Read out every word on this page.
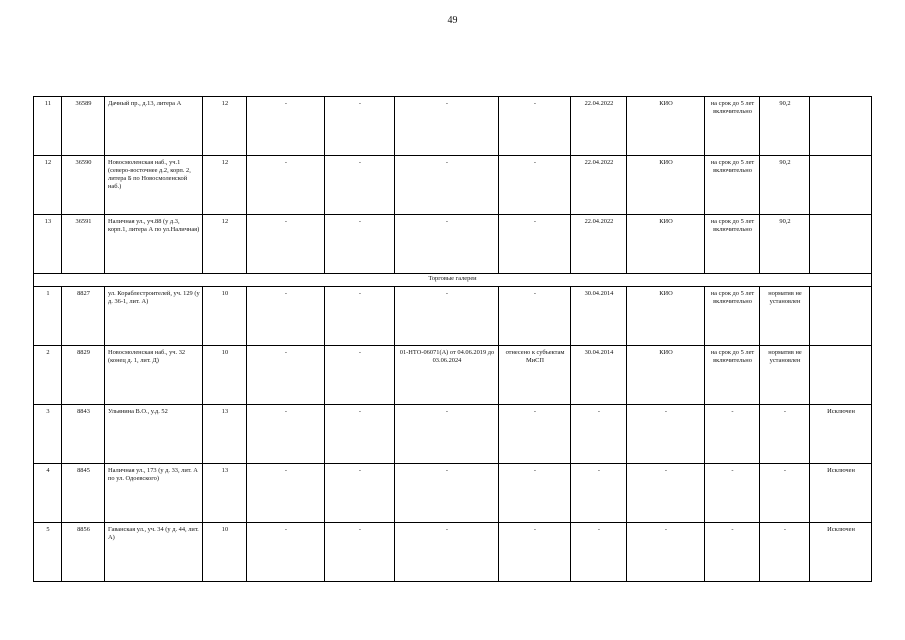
49
11	36589	Дачный пр., д.13, литера А	12	-	-	-	-	22.04.2022	КИО	на срок до 5 лет включительно	90,2	
12	36590	Новосмоленская наб., уч.1 (северо-восточнее д.2, корп. 2, литера Б по Новосмоленской наб.)	12	-	-	-	-	22.04.2022	КИО	на срок до 5 лет включительно	90,2	
13	36591	Наличная ул., уч.88 (у д.3, корп.1, литера А по ул.Наличная)	12	-	-	-	-	22.04.2022	КИО	на срок до 5 лет включительно	90,2	
Торговые галереи												
1	8827	ул. Кораблестроителей, уч. 129 (у д. 36-1, лит. А)	10	-	-	-	-	30.04.2014	КИО	на срок до 5 лет включительно	норматив не установлен	
2	8829	Новосмоленская наб., уч. 32 (конец д. 1, лит. Д)	10	-	-	01-НТО-06071(А) от 04.06.2019 до 03.06.2024	отнесено к субъектам МиСП	30.04.2014	КИО	на срок до 5 лет включительно	норматив не установлен	
3	8843	Ульянина В.О., у.д. 52	13	-	-	-	-	-	-	-	-	Исключен
4	8845	Наличная ул., 173 (у д. 33, лит. А по ул. Одоевского)	13	-	-	-	-	-	-	-	-	Исключен
5	8856	Гаванская ул., уч. 34 (у д. 44, лит. А)	10	-	-	-	-	-	-	-	-	Исключен
